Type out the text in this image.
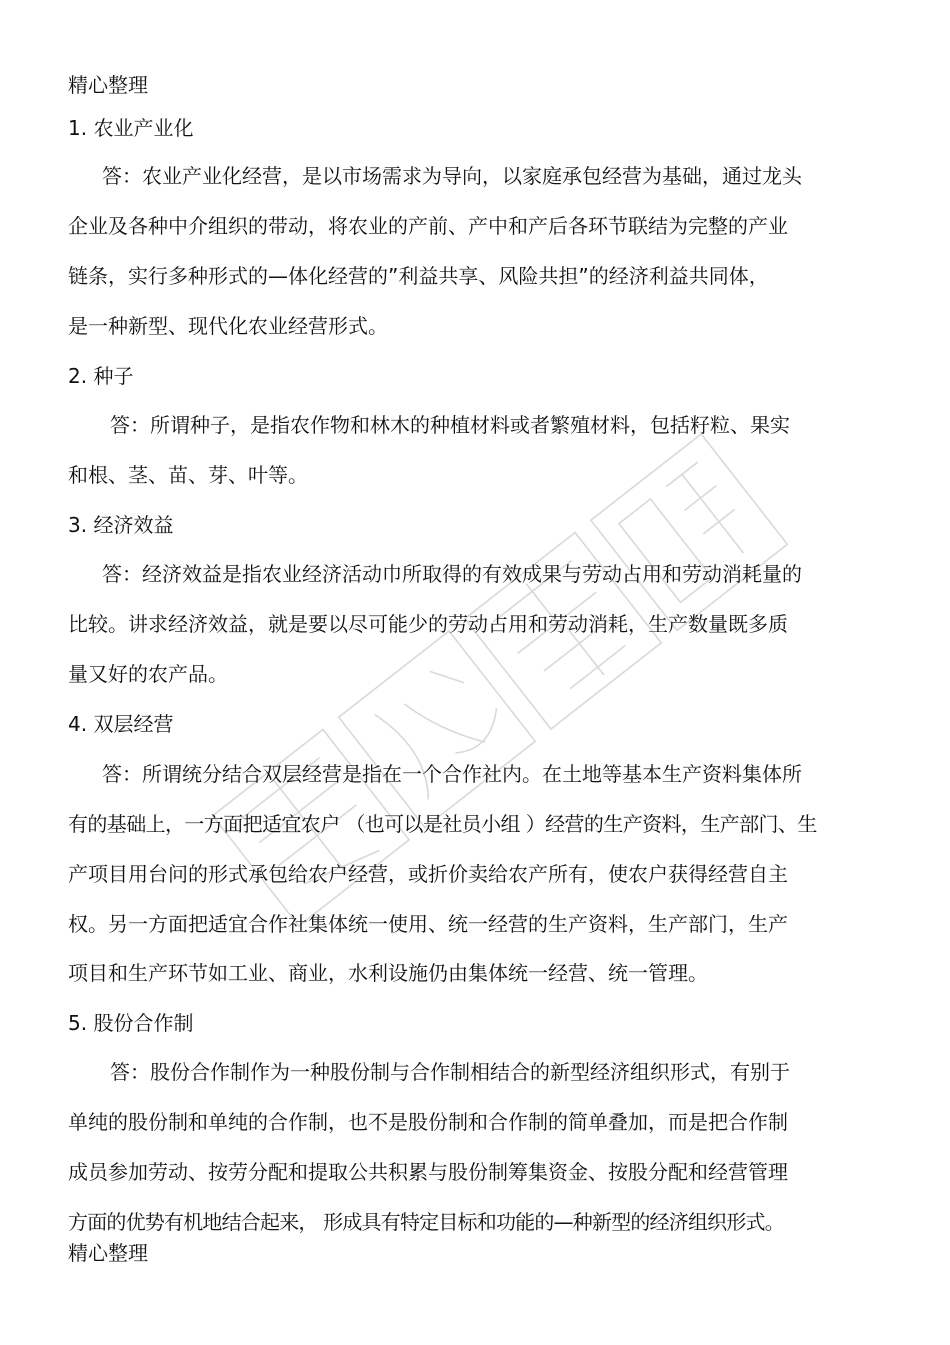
精心整理
1. 农业产业化
答：农业产业化经营，是以市场需求为导向，以家庭承包经营为基础，通过龙头
企业及各种中介组织的带动，将农业的产前、产中和产后各环节联结为完整的产业
链条，实行多种形式的—体化经营的”利益共享、风险共担”的经济利益共同体，
是一种新型、现代化农业经营形式。
2. 种子
答：所谓种子，是指农作物和林木的种植材料或者繁殖材料，包括籽粒、果实
和根、茎、苗、芽、叶等。
3. 经济效益
答：经济效益是指农业经济活动巾所取得的有效成果与劳动占用和劳动消耗量的
比较。讲求经济效益，就是要以尽可能少的劳动占用和劳动消耗，生产数量既多质
量又好的农产品。
4. 双层经营
答：所谓统分结合双层经营是指在一个合作社内。在土地等基本生产资料集体所
有的基础上，一方面把适宜农户 （也可以是社员小组 ）经营的生产资料，生产部门、生
产项目用台问的形式承包给农户经营，或折价卖给农产所有，使农户获得经营自主
权。另一方面把适宜合作社集体统一使用、统一经营的生产资料，生产部门，生产
项目和生产环节如工业、商业，水利设施仍由集体统一经营、统一管理。
5. 股份合作制
答：股份合作制作为一种股份制与合作制相结合的新型经济组织形式，有别于
单纯的股份制和单纯的合作制，也不是股份制和合作制的简单叠加，而是把合作制
成员参加劳动、按劳分配和提取公共积累与股份制筹集资金、按股分配和经营管理
方面的优势有机地结合起来， 形成具有特定目标和功能的—种新型的经济组织形式。
精心整理
